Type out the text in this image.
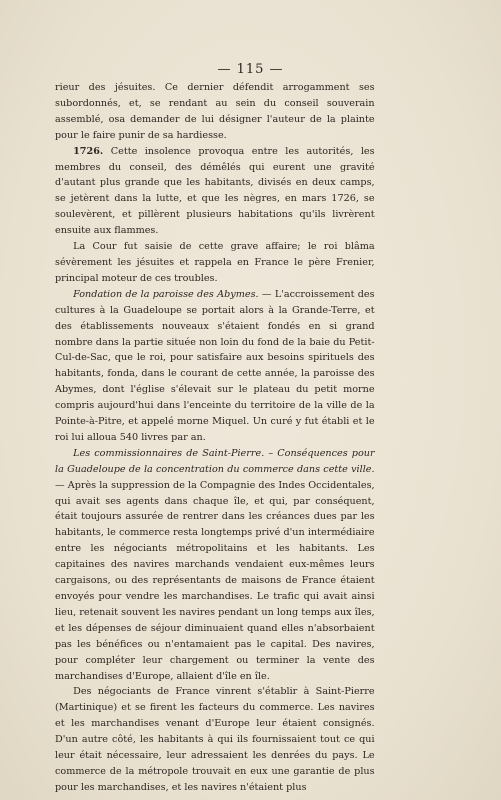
— 115 —

rieur des jésuites. Ce dernier défendit arrogamment ses subordonnés, et, se rendant au sein du conseil souverain assemblé, osa demander de lui désigner l'auteur de la plainte pour le faire punir de sa hardiesse.

1726. Cette insolence provoqua entre les autorités, les membres du conseil, des démêlés qui eurent une gravité d'autant plus grande que les habitants, divisés en deux camps, se jetèrent dans la lutte, et que les nègres, en mars 1726, se soulevèrent, et pillèrent plusieurs habitations qu'ils livrèrent ensuite aux flammes.

La Cour fut saisie de cette grave affaire; le roi blâma sévèrement les jésuites et rappela en France le père Frenier, principal moteur de ces troubles.

Fondation de la paroisse des Abymes. — L'accroissement des cultures à la Guadeloupe se portait alors à la Grande-Terre, et des établissements nouveaux s'étaient fondés en si grand nombre dans la partie située non loin du fond de la baie du Petit-Cul-de-Sac, que le roi, pour satisfaire aux besoins spirituels des habitants, fonda, dans le courant de cette année, la paroisse des Abymes, dont l'église s'élevait sur le plateau du petit morne compris aujourd'hui dans l'enceinte du territoire de la ville de la Pointe-à-Pitre, et appelé morne Miquel. Un curé y fut établi et le roi lui alloua 540 livres par an.

Les commissionnaires de Saint-Pierre. – Conséquences pour la Guadeloupe de la concentration du commerce dans cette ville. — Après la suppression de la Compagnie des Indes Occidentales, qui avait ses agents dans chaque île, et qui, par conséquent, était toujours assurée de rentrer dans les créances dues par les habitants, le commerce resta longtemps privé d'un intermédiaire entre les négociants métropolitains et les habitants. Les capitaines des navires marchands vendaient eux-mêmes leurs cargaisons, ou des représentants de maisons de France étaient envoyés pour vendre les marchandises. Le trafic qui avait ainsi lieu, retenait souvent les navires pendant un long temps aux îles, et les dépenses de séjour diminuaient quand elles n'absorbaient pas les bénéfices ou n'entamaient pas le capital. Des navires, pour compléter leur chargement ou terminer la vente des marchandises d'Europe, allaient d'île en île.

Des négociants de France vinrent s'établir à Saint-Pierre (Martinique) et se firent les facteurs du commerce. Les navires et les marchandises venant d'Europe leur étaient consignés. D'un autre côté, les habitants à qui ils fournissaient tout ce qui leur était nécessaire, leur adressaient les denrées du pays. Le commerce de la métropole trouvait en eux une garantie de plus pour les marchandises, et les navires n'étaient plus
